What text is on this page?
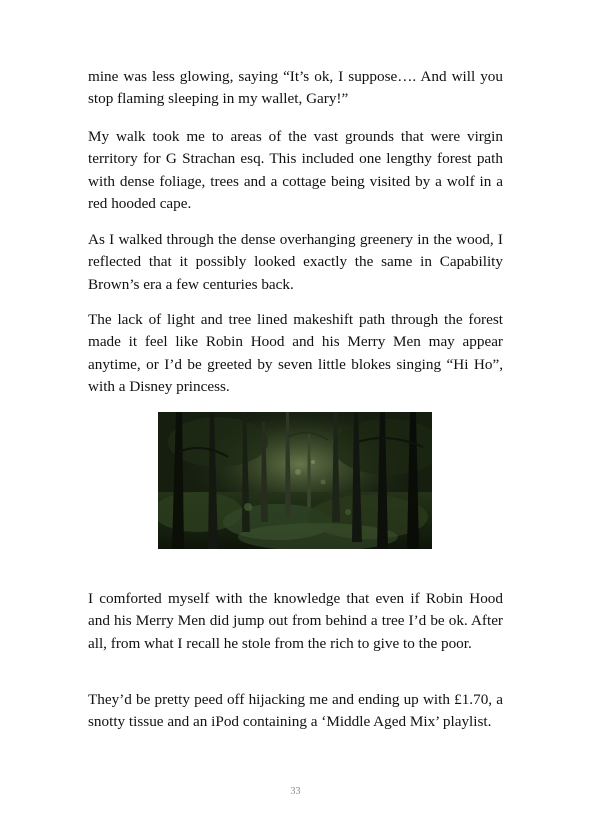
mine was less glowing, saying “It’s ok, I suppose…. And will you stop flaming sleeping in my wallet, Gary!”

My walk took me to areas of the vast grounds that were virgin territory for G Strachan esq. This included one lengthy forest path with dense foliage, trees and a cottage being visited by a wolf in a red hooded cape.

As I walked through the dense overhanging greenery in the wood, I reflected that it possibly looked exactly the same in Capability Brown’s era a few centuries back.

The lack of light and tree lined makeshift path through the forest made it feel like Robin Hood and his Merry Men may appear anytime, or I’d be greeted by seven little blokes singing “Hi Ho”, with a Disney princess.

I comforted myself with the knowledge that even if Robin Hood and his Merry Men did jump out from behind a tree I’d be ok. After all, from what I recall he stole from the rich to give to the poor.

They’d be pretty peed off hijacking me and ending up with £1.70, a snotty tissue and an iPod containing a ‘Middle Aged Mix’ playlist.

33
